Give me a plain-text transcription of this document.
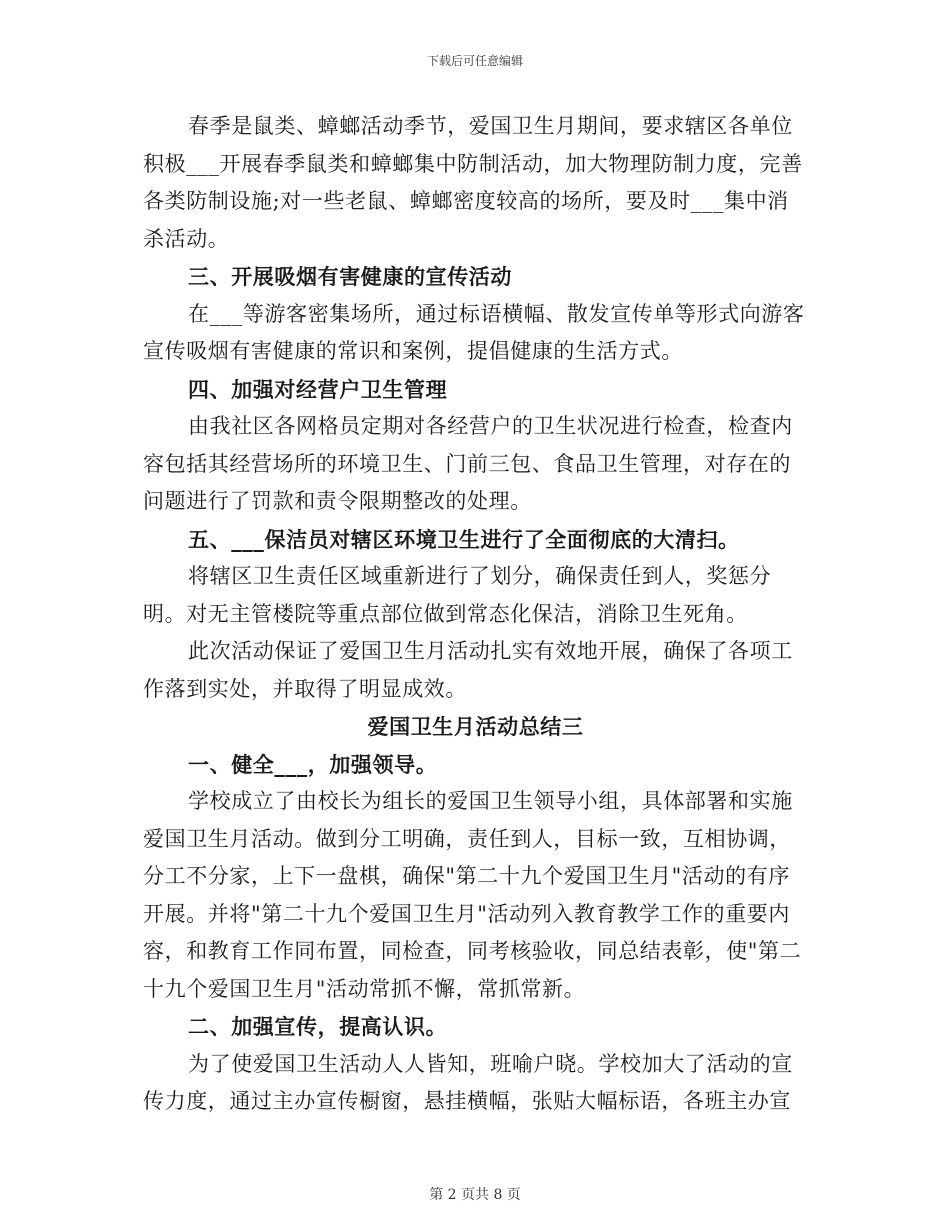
下载后可任意编辑

春季是鼠类、蟑螂活动季节，爱国卫生月期间，要求辖区各单位积极___开展春季鼠类和蟑螂集中防制活动，加大物理防制力度，完善各类防制设施;对一些老鼠、蟑螂密度较高的场所，要及时___集中消杀活动。

三、开展吸烟有害健康的宣传活动

在___等游客密集场所，通过标语横幅、散发宣传单等形式向游客宣传吸烟有害健康的常识和案例，提倡健康的生活方式。

四、加强对经营户卫生管理

由我社区各网格员定期对各经营户的卫生状况进行检查，检查内容包括其经营场所的环境卫生、门前三包、食品卫生管理，对存在的问题进行了罚款和责令限期整改的处理。

五、___保洁员对辖区环境卫生进行了全面彻底的大清扫。

将辖区卫生责任区域重新进行了划分，确保责任到人，奖惩分明。对无主管楼院等重点部位做到常态化保洁，消除卫生死角。

此次活动保证了爱国卫生月活动扎实有效地开展，确保了各项工作落到实处，并取得了明显成效。

爱国卫生月活动总结三

一、健全___，加强领导。

学校成立了由校长为组长的爱国卫生领导小组，具体部署和实施爱国卫生月活动。做到分工明确，责任到人，目标一致，互相协调，分工不分家，上下一盘棋，确保"第二十九个爱国卫生月"活动的有序开展。并将"第二十九个爱国卫生月"活动列入教育教学工作的重要内容，和教育工作同布置，同检查，同考核验收，同总结表彰，使"第二十九个爱国卫生月"活动常抓不懈，常抓常新。

二、加强宣传，提高认识。

为了使爱国卫生活动人人皆知，班喻户晓。学校加大了活动的宣传力度，通过主办宣传橱窗，悬挂横幅，张贴大幅标语，各班主办宣

第 2 页共 8 页
